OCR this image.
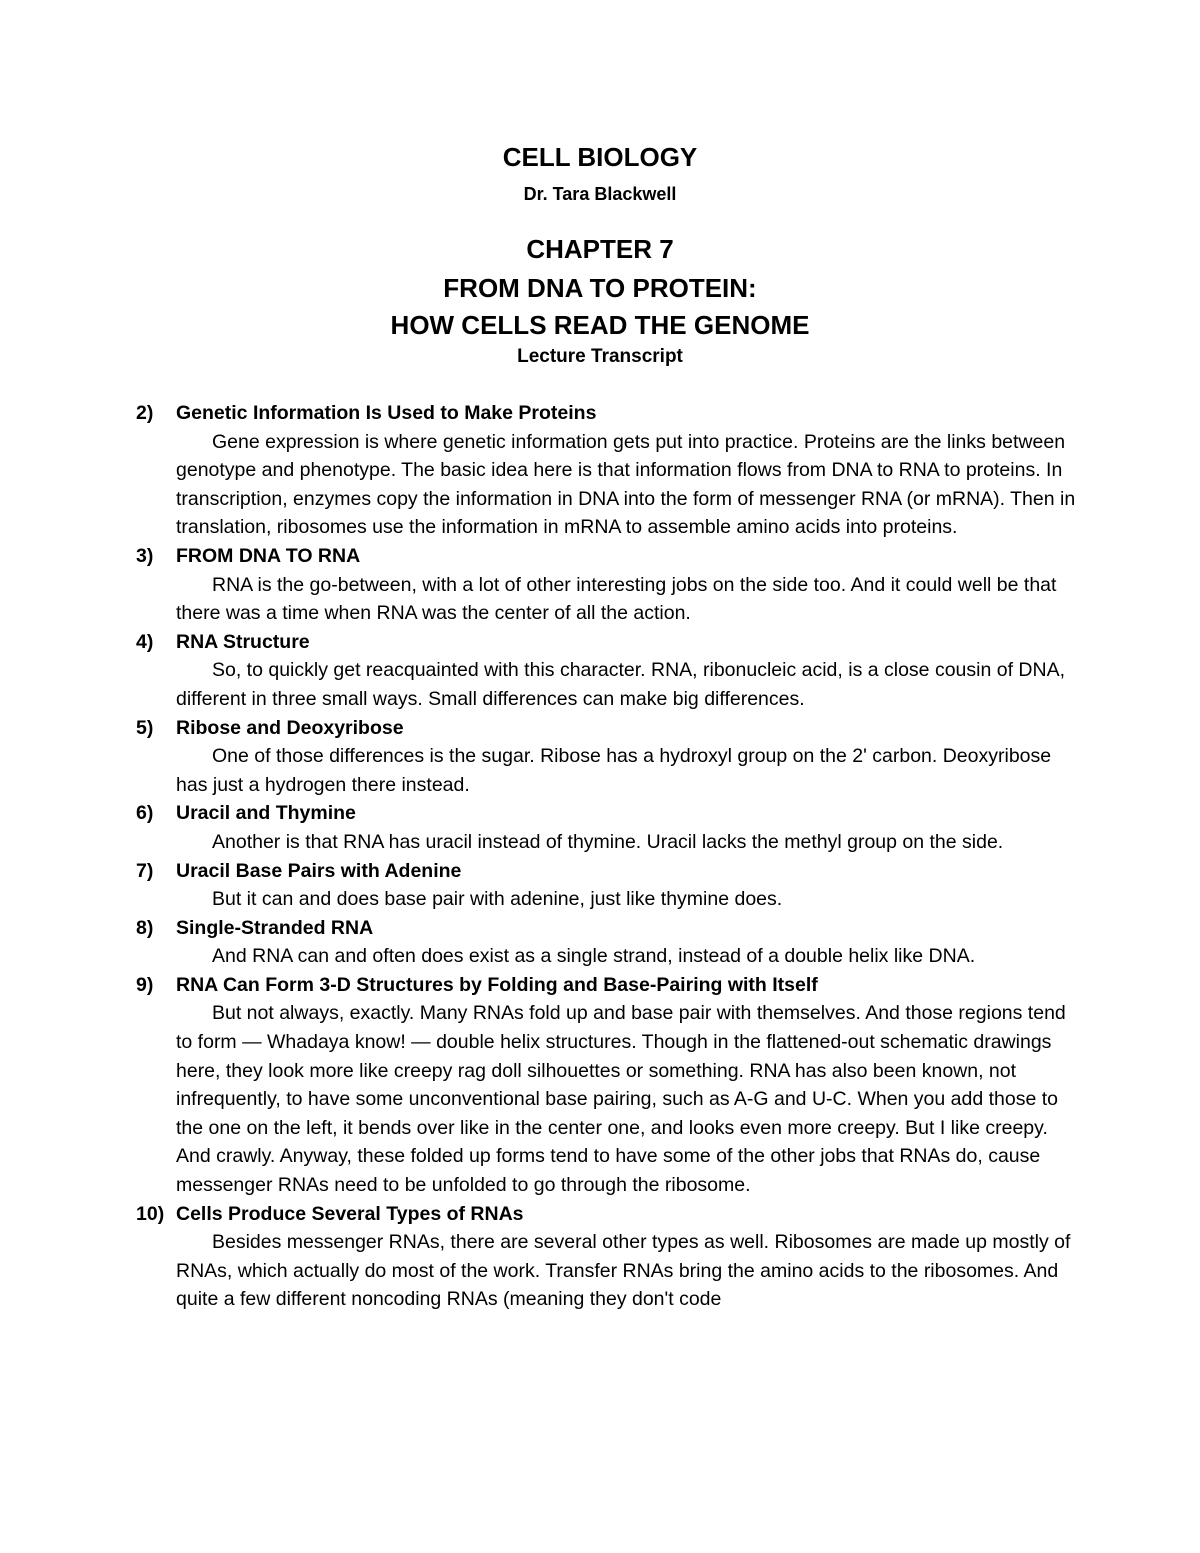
CELL BIOLOGY
Dr. Tara Blackwell
CHAPTER 7
FROM DNA TO PROTEIN:
HOW CELLS READ THE GENOME
Lecture Transcript
2)	Genetic Information Is Used to Make Proteins

Gene expression is where genetic information gets put into practice. Proteins are the links between genotype and phenotype. The basic idea here is that information flows from DNA to RNA to proteins. In transcription, enzymes copy the information in DNA into the form of messenger RNA (or mRNA). Then in translation, ribosomes use the information in mRNA to assemble amino acids into proteins.

3)	FROM DNA TO RNA

RNA is the go-between, with a lot of other interesting jobs on the side too. And it could well be that there was a time when RNA was the center of all the action.

4)	RNA Structure

So, to quickly get reacquainted with this character. RNA, ribonucleic acid, is a close cousin of DNA, different in three small ways. Small differences can make big differences.

5)	Ribose and Deoxyribose

One of those differences is the sugar. Ribose has a hydroxyl group on the 2' carbon. Deoxyribose has just a hydrogen there instead.

6)	Uracil and Thymine

Another is that RNA has uracil instead of thymine. Uracil lacks the methyl group on the side.

7)	Uracil Base Pairs with Adenine

But it can and does base pair with adenine, just like thymine does.

8)	Single-Stranded RNA

And RNA can and often does exist as a single strand, instead of a double helix like DNA.

9)	RNA Can Form 3-D Structures by Folding and Base-Pairing with Itself

But not always, exactly. Many RNAs fold up and base pair with themselves. And those regions tend to form — Whadaya know! — double helix structures. Though in the flattened-out schematic drawings here, they look more like creepy rag doll silhouettes or something. RNA has also been known, not infrequently, to have some unconventional base pairing, such as A-G and U-C. When you add those to the one on the left, it bends over like in the center one, and looks even more creepy. But I like creepy. And crawly. Anyway, these folded up forms tend to have some of the other jobs that RNAs do, cause messenger RNAs need to be unfolded to go through the ribosome.

10) Cells Produce Several Types of RNAs

Besides messenger RNAs, there are several other types as well. Ribosomes are made up mostly of RNAs, which actually do most of the work. Transfer RNAs bring the amino acids to the ribosomes. And quite a few different noncoding RNAs (meaning they don't code
